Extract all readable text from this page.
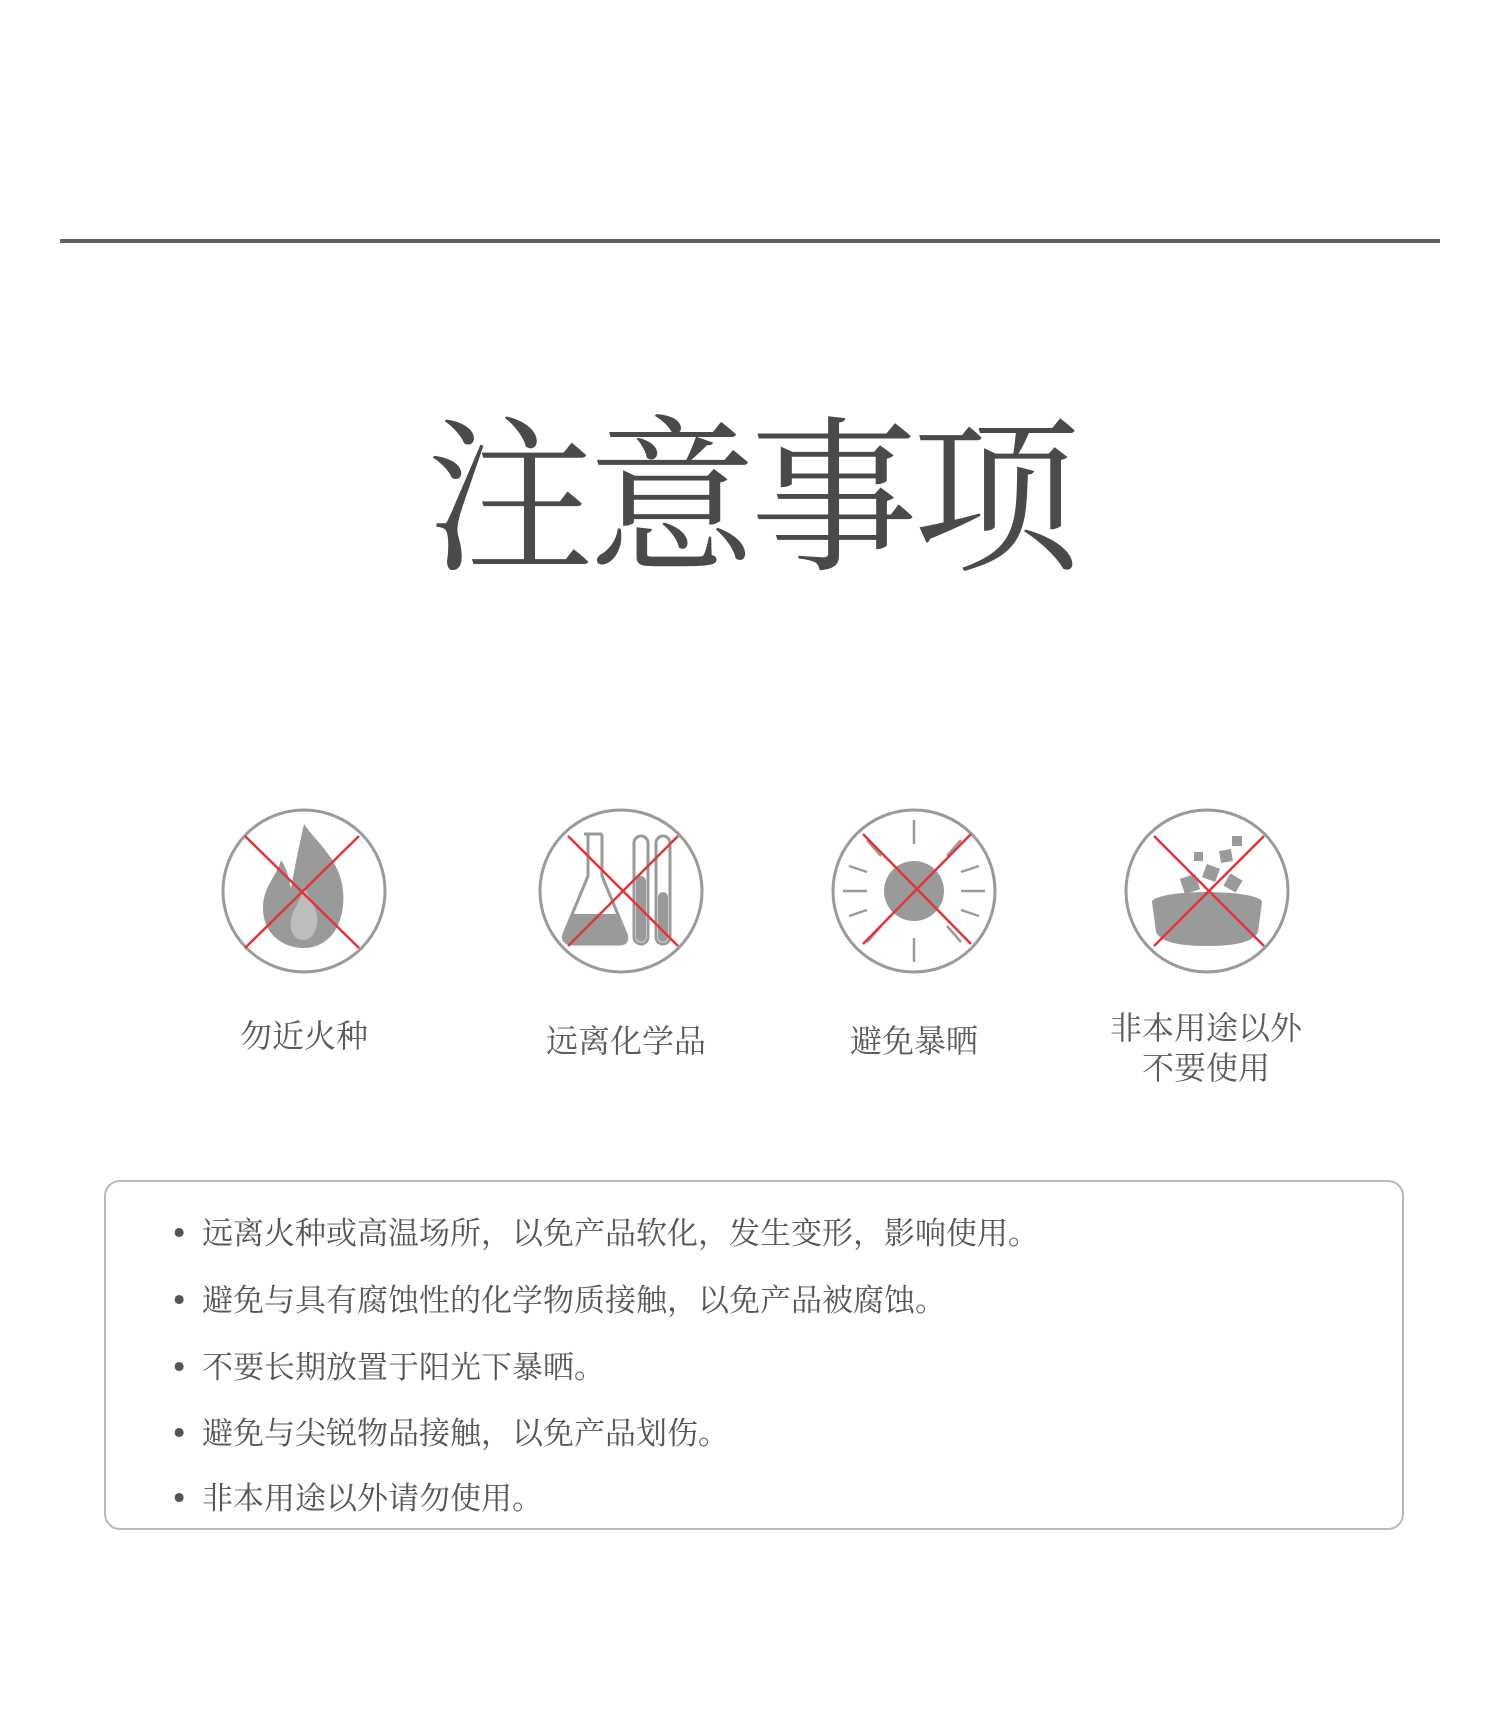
注意事项
勿近火种	远离化学品	避免暴晒	非本用途以外
不要使用
• 远离火种或高温场所，以免产品软化，发生变形，影响使用。
• 避免与具有腐蚀性的化学物质接触，以免产品被腐蚀。
• 不要长期放置于阳光下暴晒。
• 避免与尖锐物品接触，以免产品划伤。
• 非本用途以外请勿使用。
